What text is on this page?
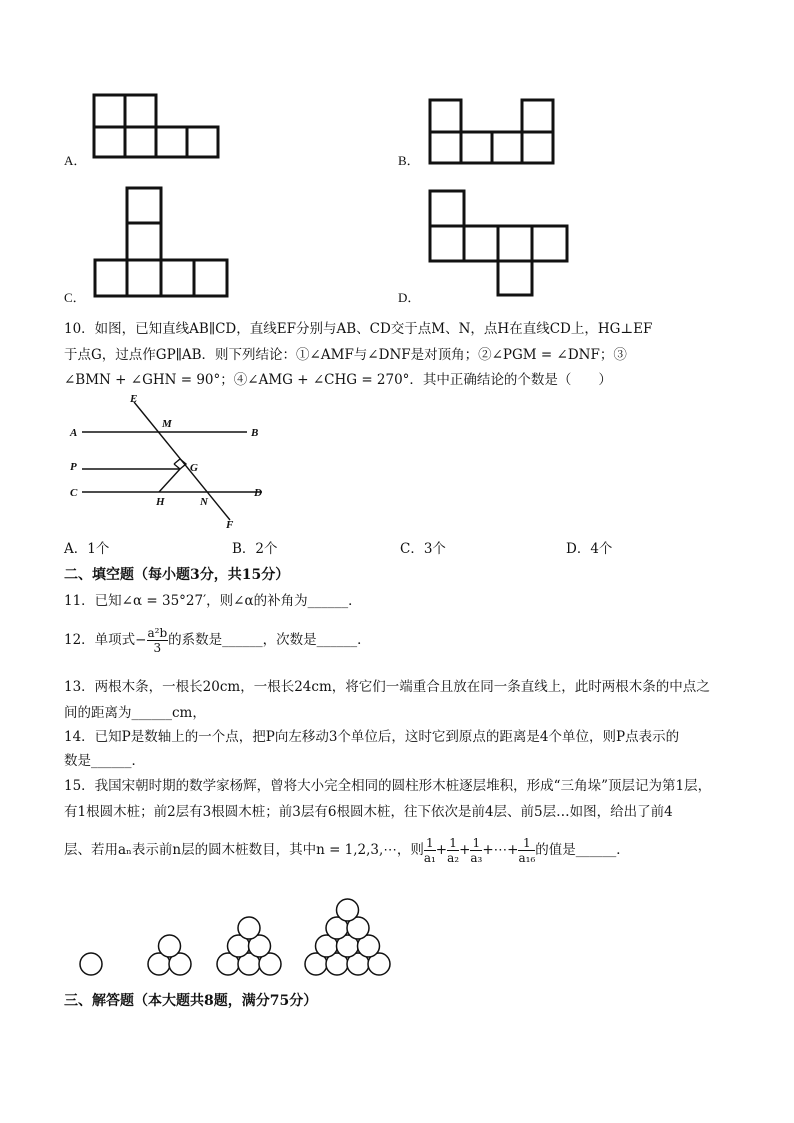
A．	B．
C．	D．
10．如图，已知直线AB∥CD，直线EF分别与AB、CD交于点M、N，点H在直线CD上，HG⊥EF
于点G，过点作GP∥AB．则下列结论：①∠AMF与∠DNF是对顶角；②∠PGM = ∠DNF；③
∠BMN + ∠GHN = 90°；④∠AMG + ∠CHG = 270°．其中正确结论的个数是（　　）
E
M
A	B
P	G
C	D
H	N
F
A．1个	B．2个	C．3个	D．4个
二、填空题（每小题3分，共15分）
11．已知∠α = 35°27′，则∠α的补角为______．
12．单项式− $\frac{\text{a²b}}{3}$ 的系数是______，次数是______．
13．两根木条，一根长20cm，一根长24cm，将它们一端重合且放在同一条直线上，此时两根木条的中点之
间的距离为______cm，
14．已知P是数轴上的一个点，把P向左移动3个单位后，这时它到原点的距离是4个单位，则P点表示的
数是______．
15．我国宋朝时期的数学家杨辉，曾将大小完全相同的圆柱形木桩逐层堆积，形成“三角垛”顶层记为第1层，
有1根圆木桩；前2层有3根圆木桩；前3层有6根圆木桩，往下依次是前4层、前5层…如图，给出了前4
层、若用aₙ表示前n层的圆木桩数目，其中n = 1,2,3,⋯，则 $\frac{1}{\text{a₁}} + \frac{1}{\text{a₂}} + \frac{1}{\text{a₃}}$ +⋯+ $\frac{1}{\text{a₁₆}}$ 的值是______．
三、解答题（本大题共8题，满分75分）
